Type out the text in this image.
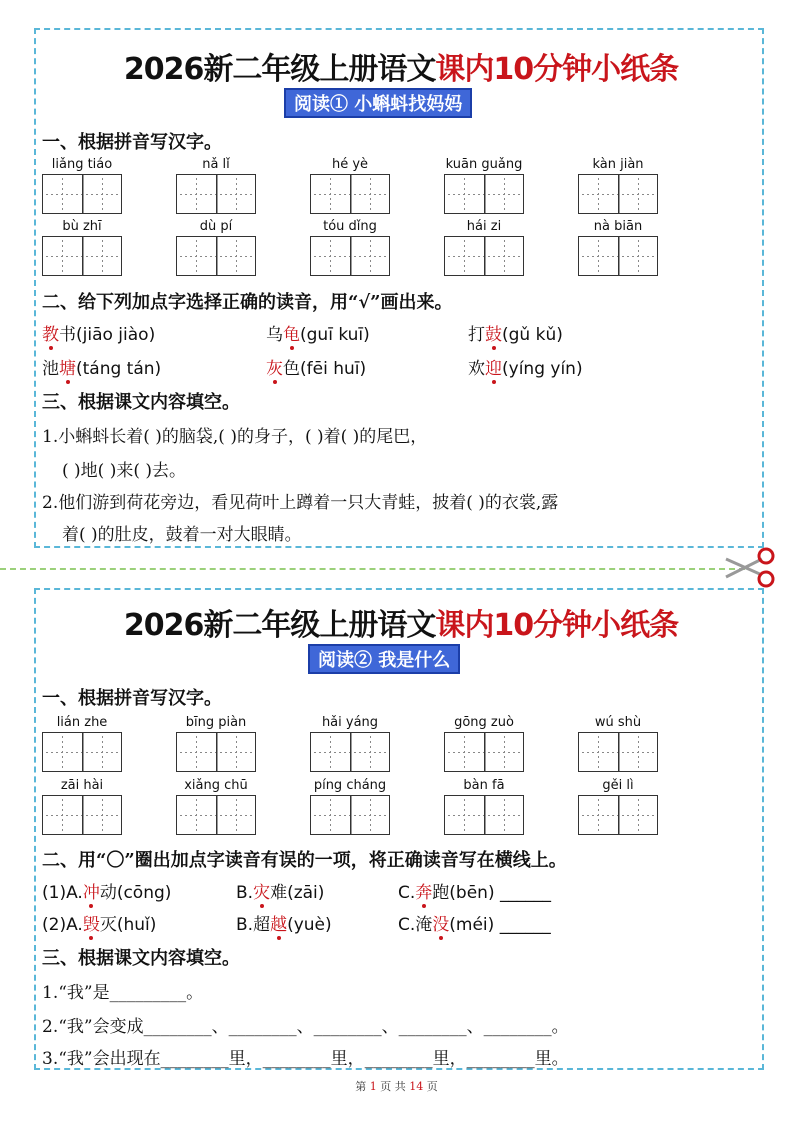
2026新二年级上册语文课内10分钟小纸条
阅读① 小蝌蚪找妈妈
一、根据拼音写汉字。
liǎng tiáo	nǎ lǐ	hé yè	kuān guǎng	kàn jiàn
bù zhī	dù pí	tóu dǐng	hái zi	nà biān
二、给下列加点字选择正确的读音，用“√”画出来。
教书(jiāo jiào)	乌龟(guī kuī)	打鼓(gǔ kǔ)
池塘(táng tán)	灰色(fēi huī)	欢迎(yíng yín)
三、根据课文内容填空。
1.小蝌蚪长着( )的脑袋,( )的身子，( )着( )的尾巴，
( )地( )来( )去。
2.他们游到荷花旁边，看见荷叶上蹲着一只大青蛙，披着( )的衣裳,露
着( )的肚皮，鼓着一对大眼睛。
2026新二年级上册语文课内10分钟小纸条
阅读② 我是什么
一、根据拼音写汉字。
lián zhe	bīng piàn	hǎi yáng	gōng zuò	wú shù
zāi hài	xiǎng chū	píng cháng	bàn fā	gěi lì
二、用“〇”圈出加点字读音有误的一项，将正确读音写在横线上。
(1)A.冲动(cōng)	B.灾难(zāi)	C.奔跑(bēn) ______
(2)A.毁灭(huǐ)	B.超越(yuè)	C.淹没(méi) ______
三、根据课文内容填空。
1.“我”是_________。
2.“我”会变成________、________、________、________、________。
3.“我”会出现在________里，________里，________里，________里。
第 1 页 共 14 页
